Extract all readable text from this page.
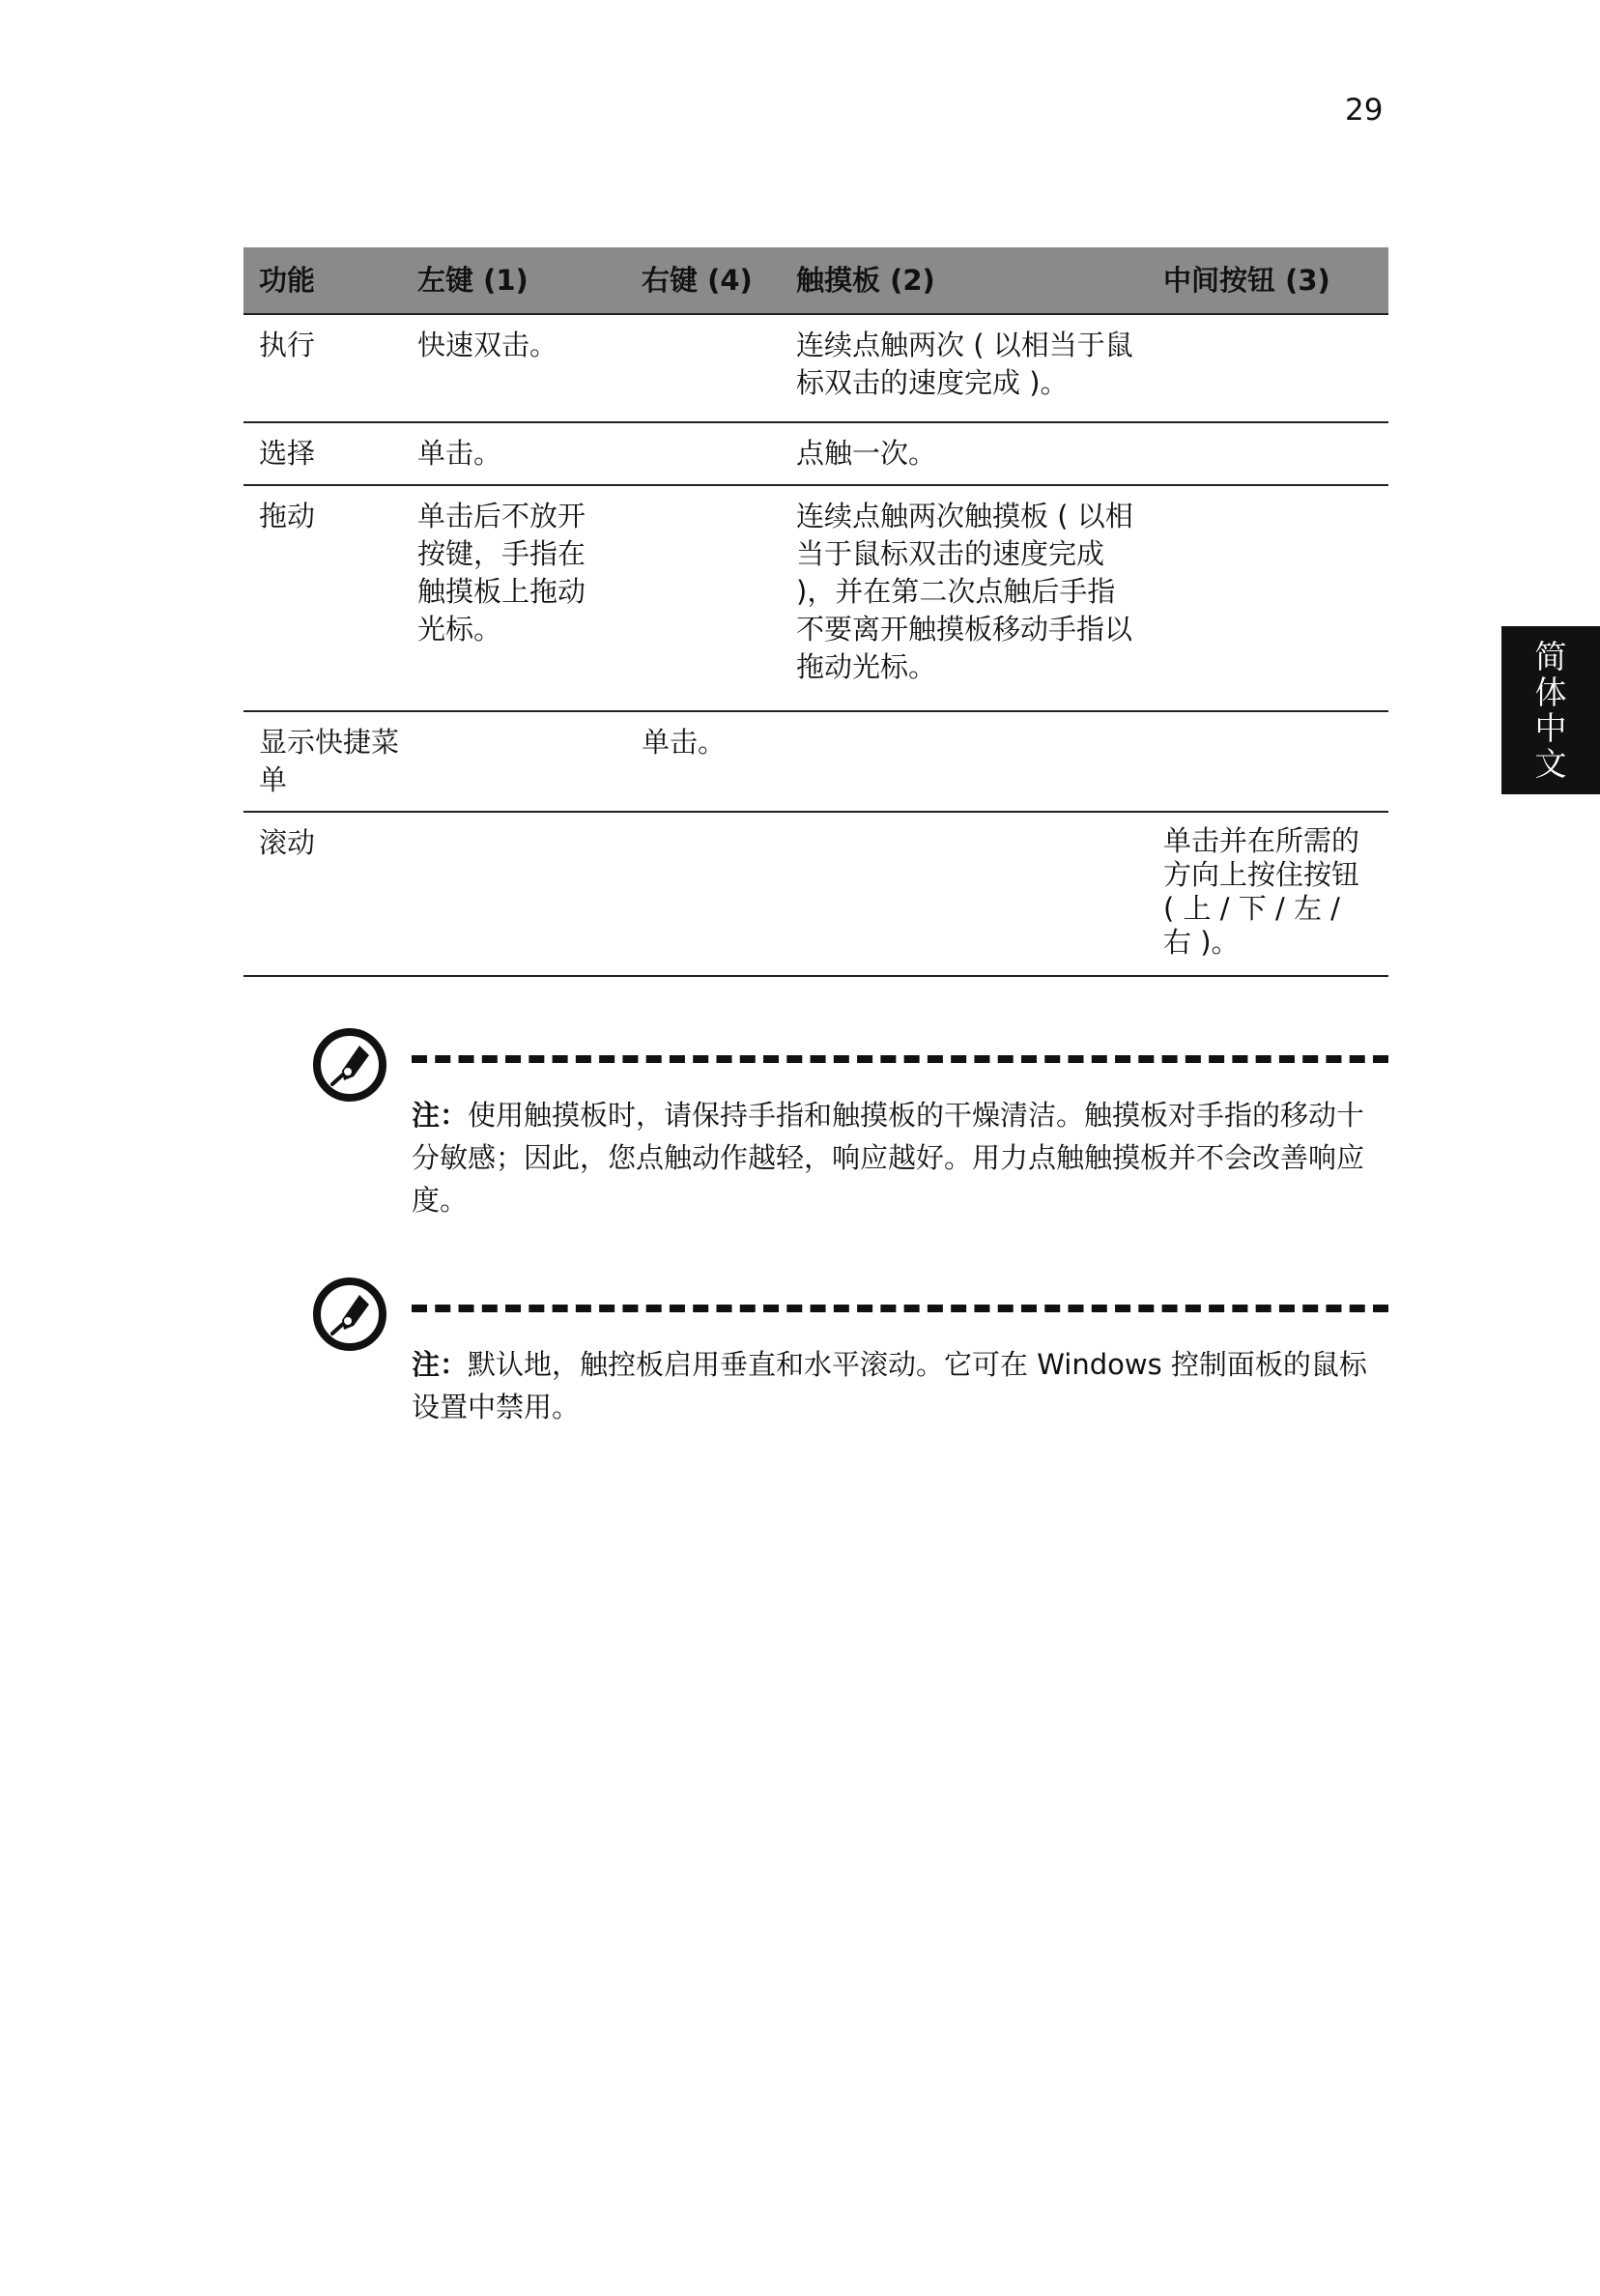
29
简
体
中
文
功能	左键 (1)	右键 (4)	触摸板 (2)	中间按钮 (3)
执行	快速双击。		连续点触两次 ( 以相当于鼠标双击的速度完成 )。	
选择	单击。		点触一次。	
拖动	单击后不放开按键，手指在触摸板上拖动光标。		连续点触两次触摸板 ( 以相当于鼠标双击的速度完成 )，并在第二次点触后手指不要离开触摸板移动手指以拖动光标。	
显示快捷菜单		单击。		
滚动				单击并在所需的方向上按住按钮 ( 上 / 下 / 左 / 右 )。
注：使用触摸板时，请保持手指和触摸板的干燥清洁。触摸板对手指的移动十分敏感；因此，您点触动作越轻，响应越好。用力点触触摸板并不会改善响应度。
注：默认地，触控板启用垂直和水平滚动。它可在 Windows 控制面板的鼠标设置中禁用。
